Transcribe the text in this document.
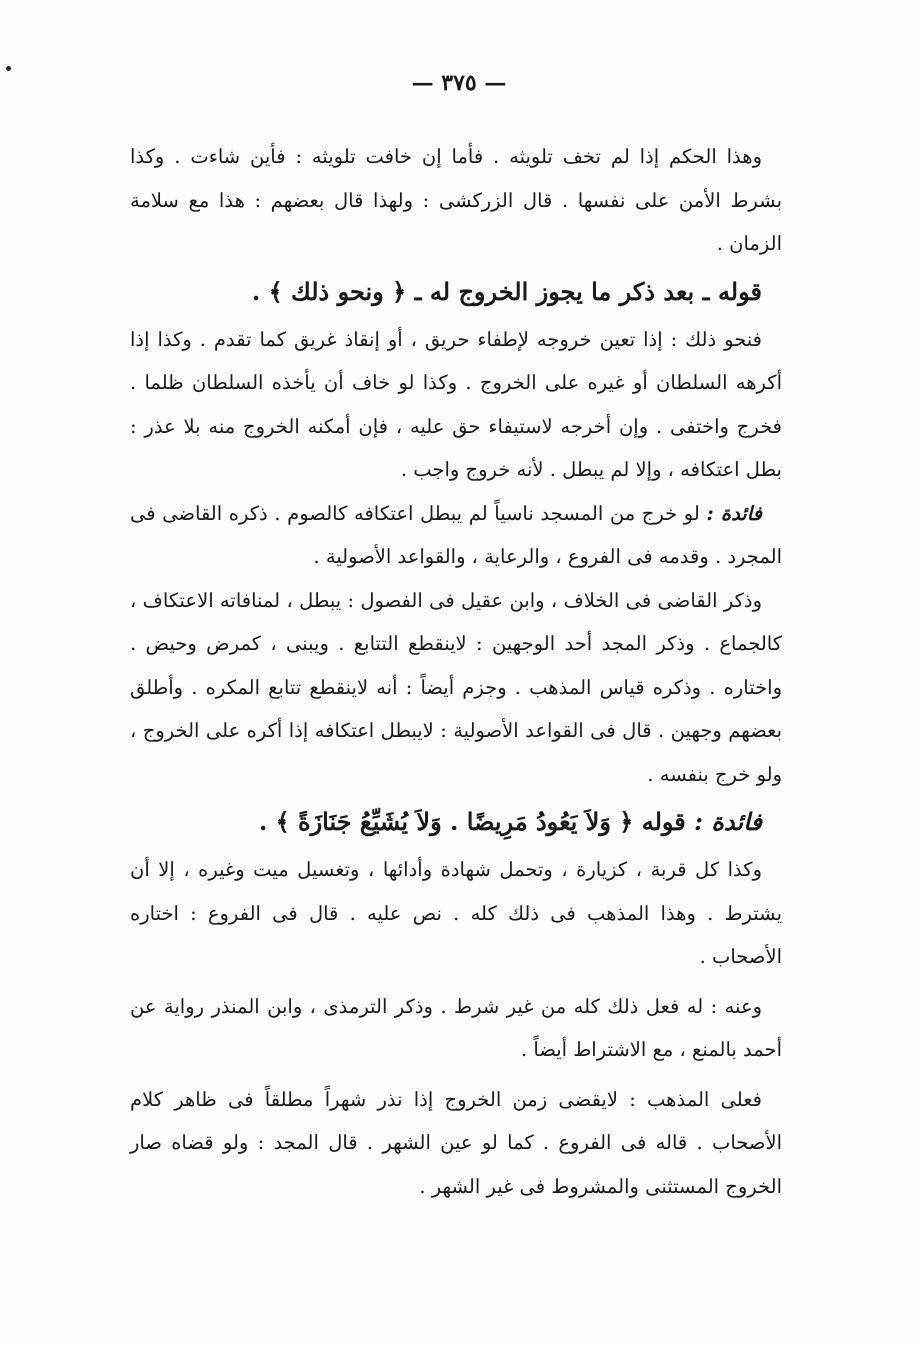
— ٣٧٥ —

وهذا الحكم إذا لم تخف تلويثه . فأما إن خافت تلويثه : فأين شاءت . وكذا بشرط الأمن على نفسها . قال الزركشى : ولهذا قال بعضهم : هذا مع سلامة الزمان .

قوله ـ بعد ذكر ما يجوز الخروج له ـ ﴿ ونحو ذلك ﴾ .

فنحو ذلك : إذا تعين خروجه لإطفاء حريق ، أو إنقاذ غريق كما تقدم . وكذا إذا أكرهه السلطان أو غيره على الخروج . وكذا لو خاف أن يأخذه السلطان ظلما . فخرج واختفى . وإن أخرجه لاستيفاء حق عليه ، فإن أمكنه الخروج منه بلا عذر : بطل اعتكافه ، وإلا لم يبطل . لأنه خروج واجب .

فائدة : لو خرج من المسجد ناسياً لم يبطل اعتكافه كالصوم . ذكره القاضى فى المجرد . وقدمه فى الفروع ، والرعاية ، والقواعد الأصولية .

وذكر القاضى فى الخلاف ، وابن عقيل فى الفصول : يبطل ، لمنافاته الاعتكاف ، كالجماع . وذكر المجد أحد الوجهين : لاينقطع التتابع . ويبنى ، كمرض وحيض . واختاره . وذكره قياس المذهب . وجزم أيضاً : أنه لاينقطع تتابع المكره . وأطلق بعضهم وجهين . قال فى القواعد الأصولية : لايبطل اعتكافه إذا أكره على الخروج ، ولو خرج بنفسه .

فائدة : قوله ﴿ وَلاَ يَعُودُ مَرِيضًا . وَلاَ يُشَيِّعُ جَنَازَةً ﴾ .

وكذا كل قربة ، كزيارة ، وتحمل شهادة وأدائها ، وتغسيل ميت وغيره ، إلا أن يشترط . وهذا المذهب فى ذلك كله . نص عليه . قال فى الفروع : اختاره الأصحاب .

وعنه : له فعل ذلك كله من غير شرط . وذكر الترمذى ، وابن المنذر رواية عن أحمد بالمنع ، مع الاشتراط أيضاً .

فعلى المذهب : لايقضى زمن الخروج إذا نذر شهراً مطلقاً فى ظاهر كلام الأصحاب . قاله فى الفروع . كما لو عين الشهر . قال المجد : ولو قضاه صار الخروج المستثنى والمشروط فى غير الشهر .
